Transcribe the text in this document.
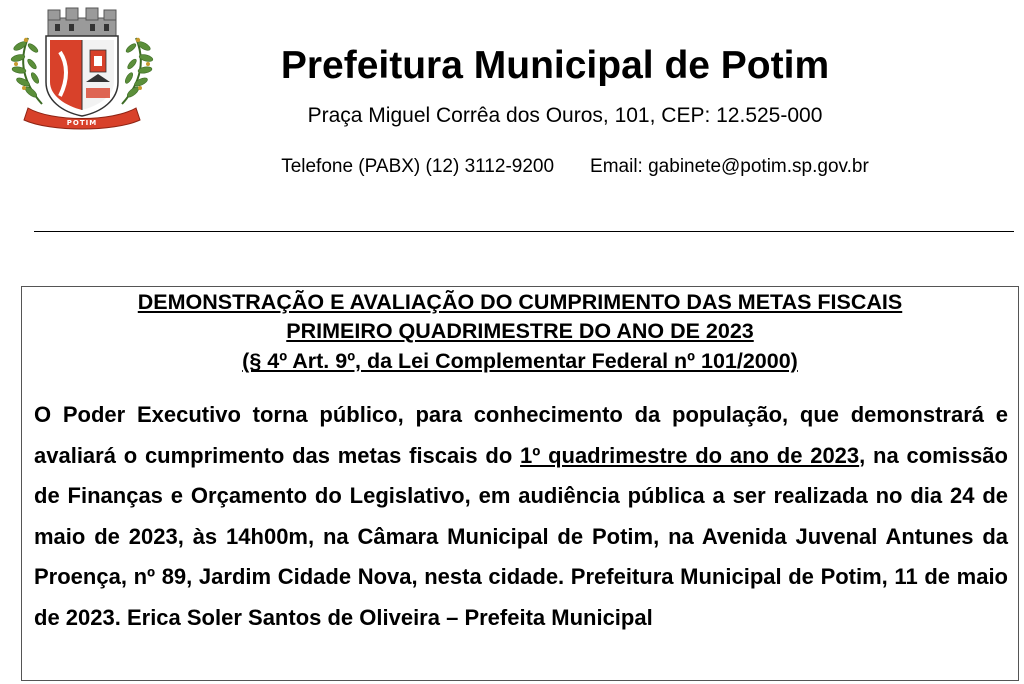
POTIM
Prefeitura Municipal de Potim
Praça Miguel Corrêa dos Ouros, 101, CEP: 12.525-000
Telefone (PABX) (12) 3112-9200 Email: gabinete@potim.sp.gov.br
DEMONSTRAÇÃO E AVALIAÇÃO DO CUMPRIMENTO DAS METAS FISCAIS
PRIMEIRO QUADRIMESTRE DO ANO DE 2023
(§ 4º Art. 9º, da Lei Complementar Federal nº 101/2000)

O Poder Executivo torna público, para conhecimento da população, que demonstrará e avaliará o cumprimento das metas fiscais do 1º quadrimestre do ano de 2023, na comissão de Finanças e Orçamento do Legislativo, em audiência pública a ser realizada no dia 24 de maio de 2023, às 14h00m, na Câmara Municipal de Potim, na Avenida Juvenal Antunes da Proença, nº 89, Jardim Cidade Nova, nesta cidade. Prefeitura Municipal de Potim, 11 de maio de 2023. Erica Soler Santos de Oliveira – Prefeita Municipal
